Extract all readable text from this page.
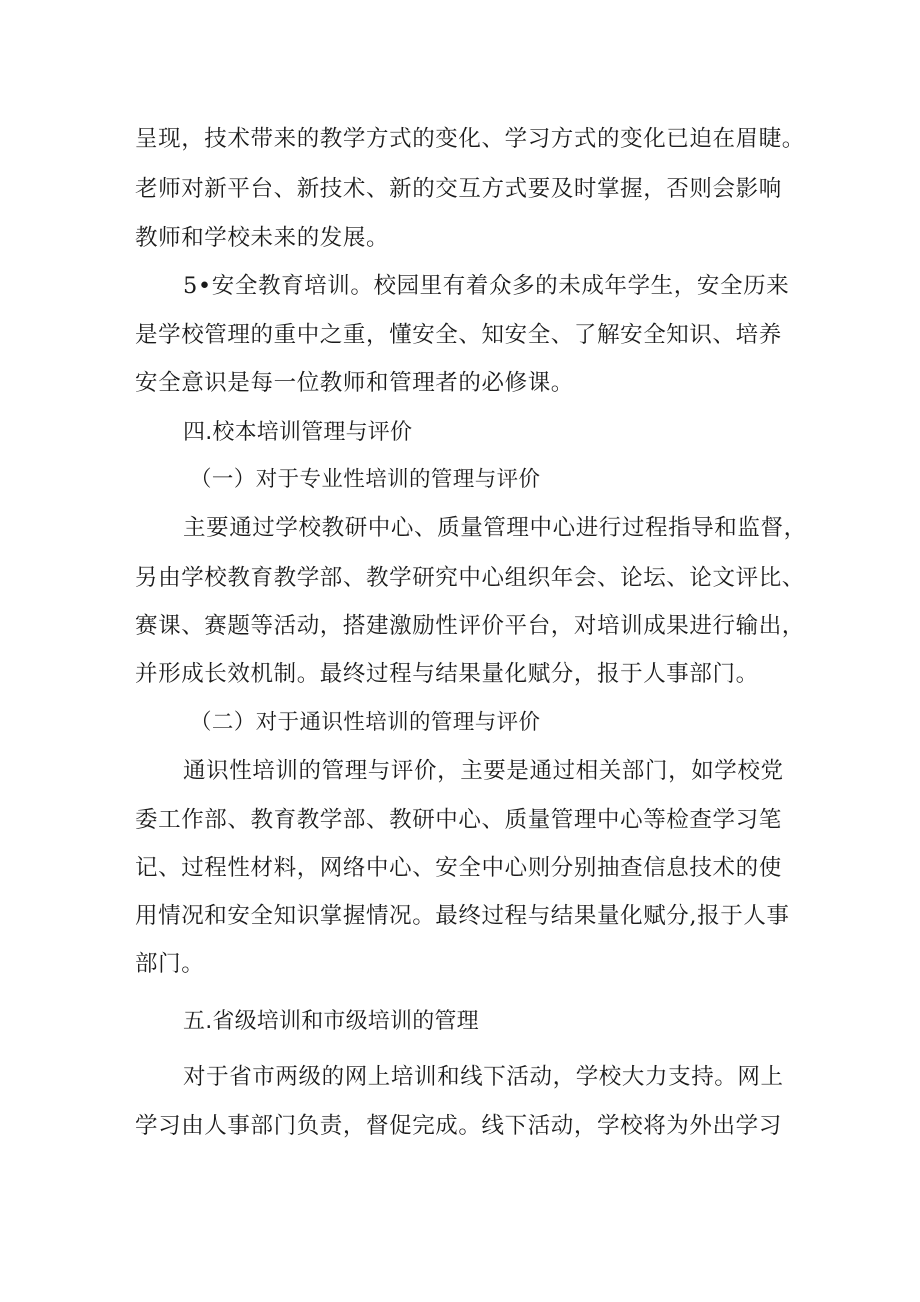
呈现，技术带来的教学方式的变化、学习方式的变化已迫在眉睫。
老师对新平台、新技术、新的交互方式要及时掌握，否则会影响
教师和学校未来的发展。
5•安全教育培训。校园里有着众多的未成年学生，安全历来
是学校管理的重中之重，懂安全、知安全、了解安全知识、培养
安全意识是每一位教师和管理者的必修课。
四.校本培训管理与评价
（一）对于专业性培训的管理与评价
主要通过学校教研中心、质量管理中心进行过程指导和监督，
另由学校教育教学部、教学研究中心组织年会、论坛、论文评比、
赛课、赛题等活动，搭建激励性评价平台，对培训成果进行输出，
并形成长效机制。最终过程与结果量化赋分，报于人事部门。
（二）对于通识性培训的管理与评价
通识性培训的管理与评价，主要是通过相关部门，如学校党
委工作部、教育教学部、教研中心、质量管理中心等检查学习笔
记、过程性材料，网络中心、安全中心则分别抽查信息技术的使
用情况和安全知识掌握情况。最终过程与结果量化赋分,报于人事
部门。
五.省级培训和市级培训的管理
对于省市两级的网上培训和线下活动，学校大力支持。网上
学习由人事部门负责，督促完成。线下活动，学校将为外出学习
